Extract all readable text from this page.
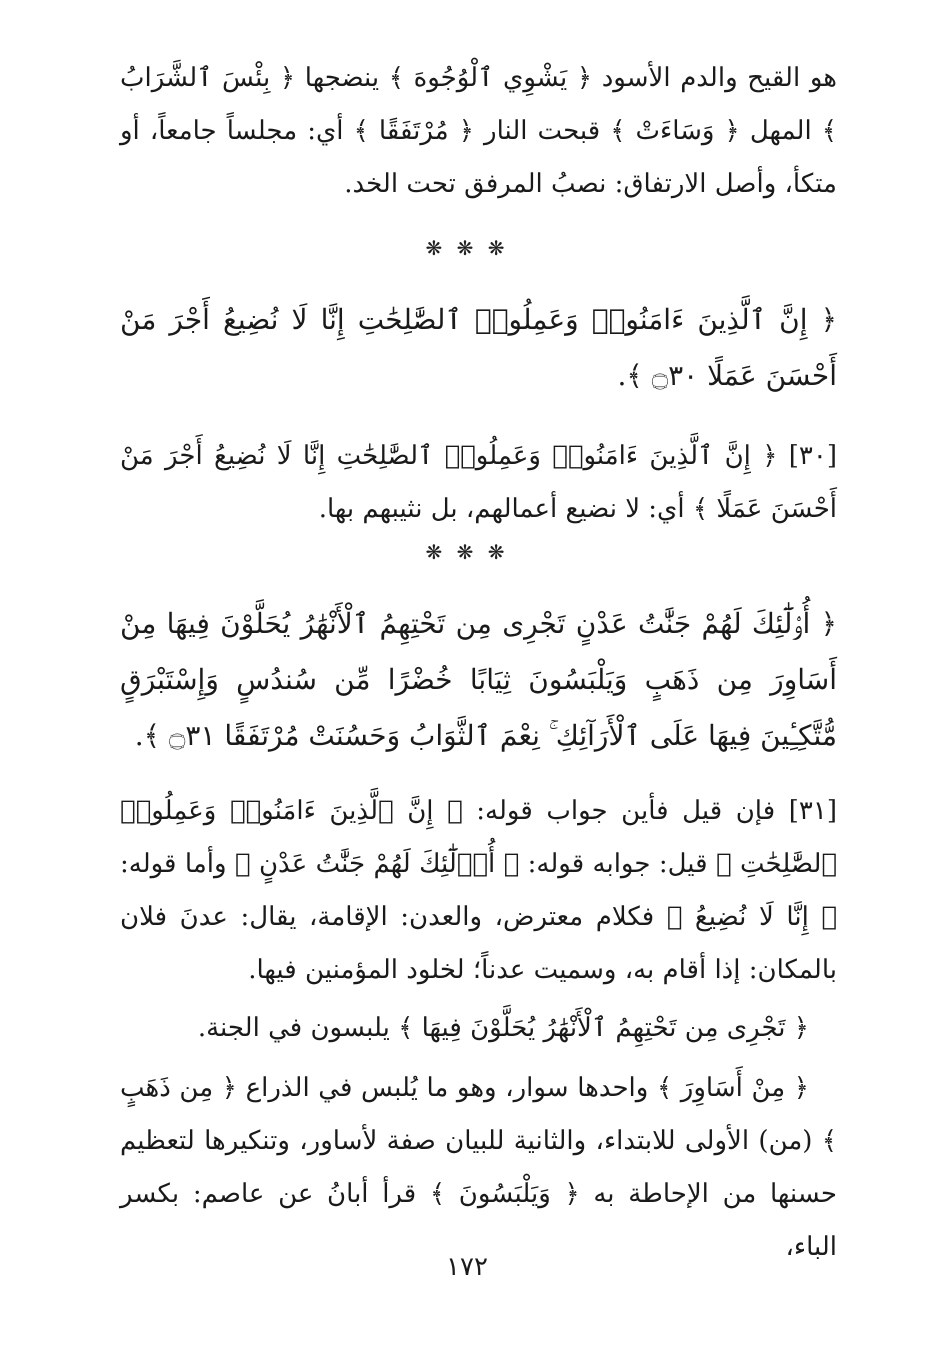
هو القيح والدم الأسود ﴿ يَشْوِي ٱلْوُجُوهَ ﴾ ينضجها ﴿ بِئْسَ ٱلشَّرَابُ ﴾ المهل ﴿ وَسَاءَتْ ﴾ قبحت النار ﴿ مُرْتَفَقًا ﴾ أي: مجلساً جامعاً، أو متكأ، وأصل الارتفاق: نصبُ المرفق تحت الخد.

❋ ❋ ❋

﴿ إِنَّ ٱلَّذِينَ ءَامَنُوا۟ وَعَمِلُوا۟ ٱلصَّٰلِحَٰتِ إِنَّا لَا نُضِيعُ أَجْرَ مَنْ أَحْسَنَ عَمَلًا ۝٣٠ ﴾.

[٣٠] ﴿ إِنَّ ٱلَّذِينَ ءَامَنُوا۟ وَعَمِلُوا۟ ٱلصَّٰلِحَٰتِ إِنَّا لَا نُضِيعُ أَجْرَ مَنْ أَحْسَنَ عَمَلًا ﴾ أي: لا نضيع أعمالهم، بل نثيبهم بها.

❋ ❋ ❋

﴿ أُو۟لَٰٓئِكَ لَهُمْ جَنَّٰتُ عَدْنٍ تَجْرِى مِن تَحْتِهِمُ ٱلْأَنْهَٰرُ يُحَلَّوْنَ فِيهَا مِنْ أَسَاوِرَ مِن ذَهَبٍ وَيَلْبَسُونَ ثِيَابًا خُضْرًا مِّن سُندُسٍ وَإِسْتَبْرَقٍ مُّتَّكِـِٔينَ فِيهَا عَلَى ٱلْأَرَآئِكِ ۚ نِعْمَ ٱلثَّوَابُ وَحَسُنَتْ مُرْتَفَقًا ۝٣١ ﴾.

[٣١] فإن قيل فأين جواب قوله: ﴿ إِنَّ ٱلَّذِينَ ءَامَنُوا۟ وَعَمِلُوا۟ ٱلصَّٰلِحَٰتِ ﴾ قيل: جوابه قوله: ﴿ أُو۟لَٰٓئِكَ لَهُمْ جَنَّٰتُ عَدْنٍ ﴾ وأما قوله: ﴿ إِنَّا لَا نُضِيعُ ﴾ فكلام معترض، والعدن: الإقامة، يقال: عدنَ فلان بالمكان: إذا أقام به، وسميت عدناً؛ لخلود المؤمنين فيها.

﴿ تَجْرِى مِن تَحْتِهِمُ ٱلْأَنْهَٰرُ يُحَلَّوْنَ فِيهَا ﴾ يلبسون في الجنة.

﴿ مِنْ أَسَاوِرَ ﴾ واحدها سوار، وهو ما يُلبس في الذراع ﴿ مِن ذَهَبٍ ﴾ (من) الأولى للابتداء، والثانية للبيان صفة لأساور، وتنكيرها لتعظيم حسنها من الإحاطة به ﴿ وَيَلْبَسُونَ ﴾ قرأ أبانُ عن عاصم: بكسر الباء،

١٧٢
